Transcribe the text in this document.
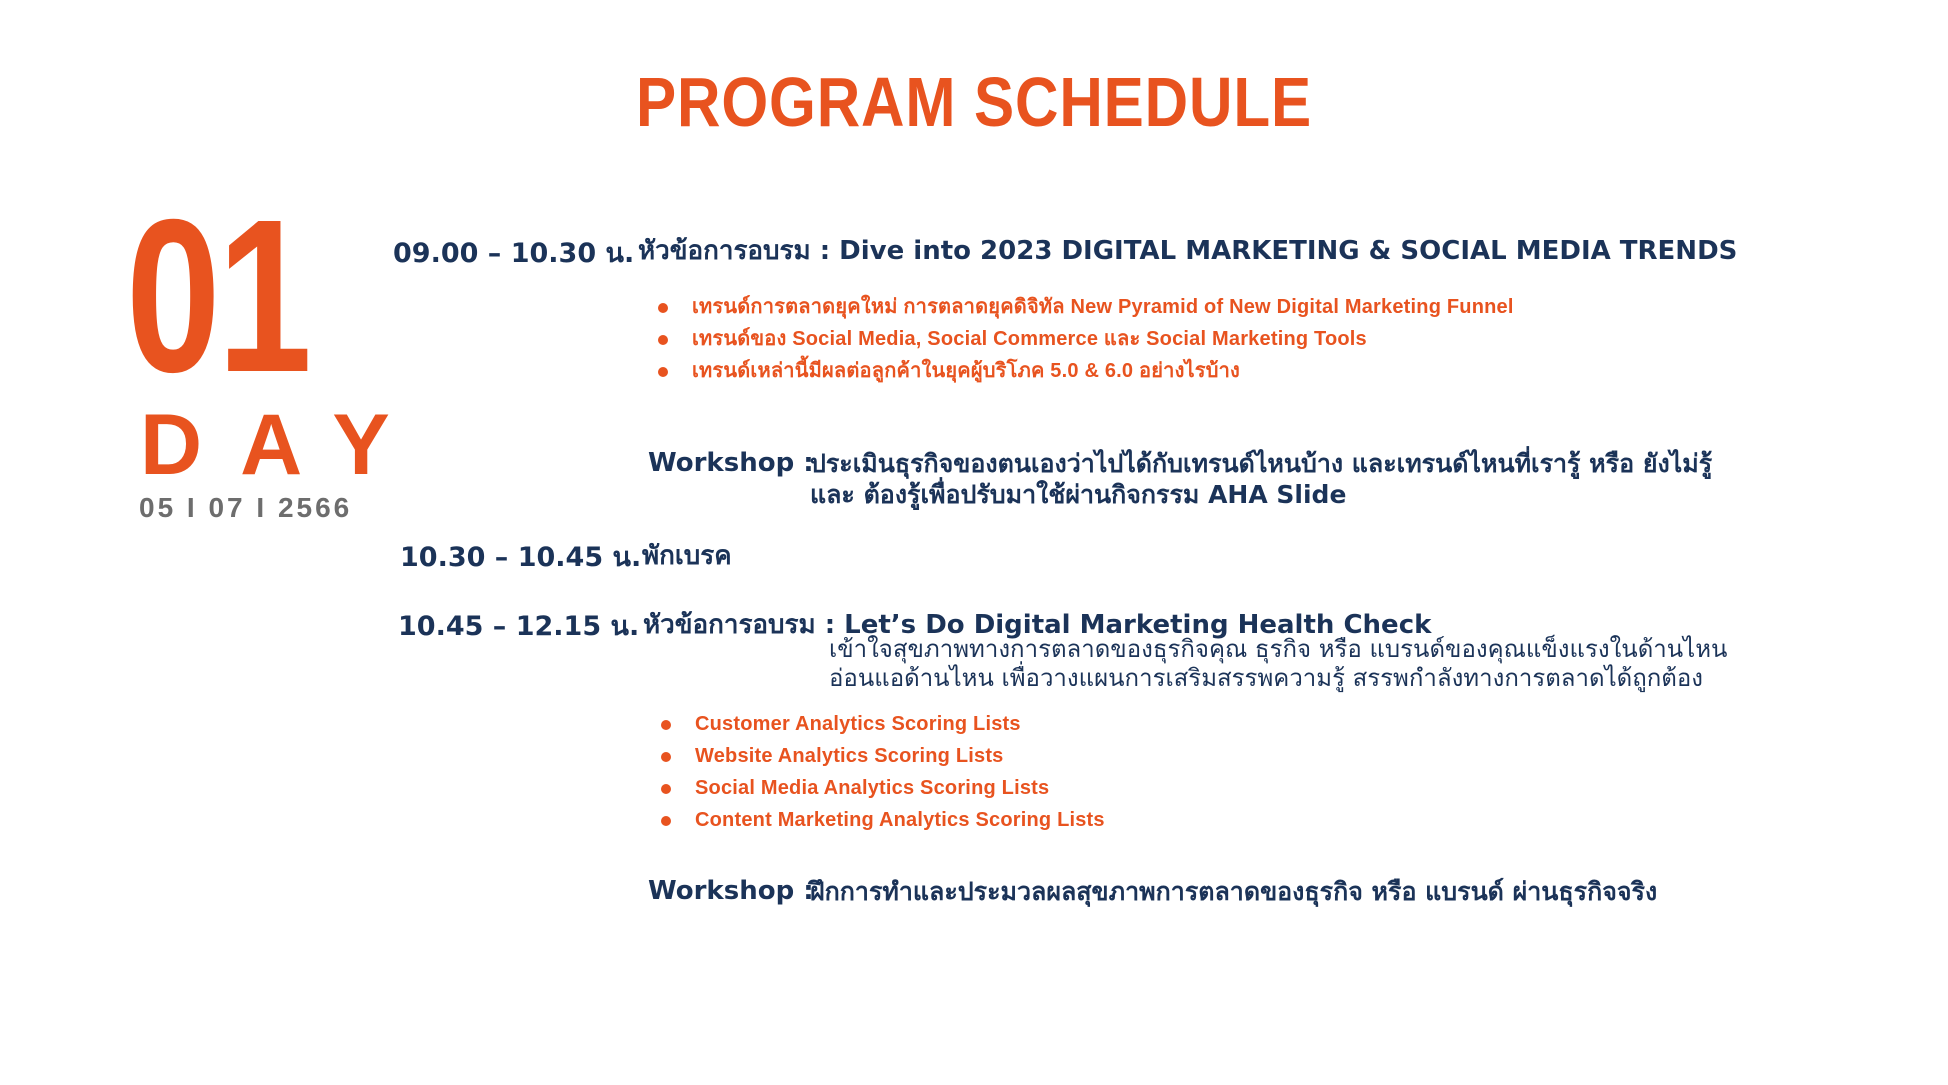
PROGRAM SCHEDULE
01
DAY
05 I 07 I 2566
09.00 – 10.30 น. หัวข้อการอบรม : Dive into 2023 DIGITAL MARKETING & SOCIAL MEDIA TRENDS
เทรนด์การตลาดยุคใหม่ การตลาดยุคดิจิทัล New Pyramid of New Digital Marketing Funnel
เทรนด์ของ Social Media, Social Commerce และ Social Marketing Tools
เทรนด์เหล่านี้มีผลต่อลูกค้าในยุคผู้บริโภค 5.0 & 6.0 อย่างไรบ้าง
Workshop :
ประเมินธุรกิจของตนเองว่าไปได้กับเทรนด์ไหนบ้าง และเทรนด์ไหนที่เรารู้ หรือ ยังไม่รู้
และ ต้องรู้เพื่อปรับมาใช้ผ่านกิจกรรม AHA Slide
10.30 – 10.45 น. พักเบรค
10.45 – 12.15 น. หัวข้อการอบรม : Let’s Do Digital Marketing Health Check
เข้าใจสุขภาพทางการตลาดของธุรกิจคุณ ธุรกิจ หรือ แบรนด์ของคุณแข็งแรงในด้านไหน
อ่อนแอด้านไหน เพื่อวางแผนการเสริมสรรพความรู้ สรรพกำลังทางการตลาดได้ถูกต้อง
Customer Analytics Scoring Lists
Website Analytics Scoring Lists
Social Media Analytics Scoring Lists
Content Marketing Analytics Scoring Lists
Workshop :
ฝึกการทำและประมวลผลสุขภาพการตลาดของธุรกิจ หรือ แบรนด์ ผ่านธุรกิจจริง
